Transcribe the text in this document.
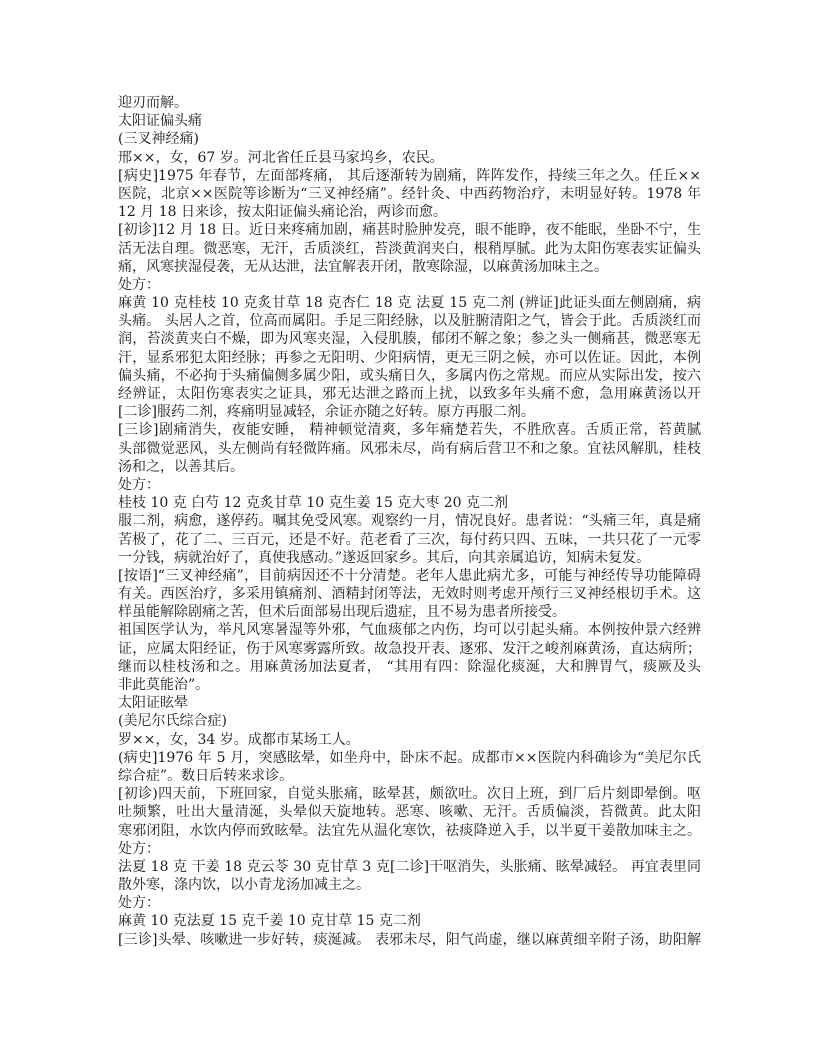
迎刃而解。
太阳证偏头痛
(三叉神经痛)
邢××，女，67 岁。河北省任丘县马家坞乡，农民。
[病史]1975 年春节，左面部疼痛， 其后逐渐转为剧痛，阵阵发作，持续三年之久。任丘××
医院，北京××医院等诊断为“三叉神经痛”。经针灸、中西药物治疗，未明显好转。1978 年
12 月 18 日来诊，按太阳证偏头痛论治，两诊而愈。
[初诊]12 月 18 日。近日来疼痛加剧，痛甚时脸肿发亮，眼不能睁，夜不能眠，坐卧不宁，生
活无法自理。微恶寒，无汗，舌质淡红，苔淡黄润夹白，根稍厚腻。此为太阳伤寒表实证偏头
痛，风寒挟湿侵袭，无从达泄，法宜解表开闭，散寒除湿，以麻黄汤加味主之。
处方：
麻黄 10 克桂枝 10 克炙甘草 18 克杏仁 18 克 法夏 15 克二剂 (辨证]此证头面左侧剧痛，病
头痛。 头居人之首，位高而属阳。手足三阳经脉，以及脏腑清阳之气，皆会于此。舌质淡红而
润，苔淡黄夹白不燥，即为风寒夹湿，入侵肌腠，郁闭不解之象；参之头一侧痛甚，微恶寒无
汗，显系邪犯太阳经脉；再参之无阳明、少阳病情，更无三阴之候，亦可以佐证。因此，本例
偏头痛，不必拘于头痛偏侧多属少阳，或头痛日久，多属内伤之常规。而应从实际出发，按六
经辨证，太阳伤寒表实之证具，邪无达泄之路而上扰，以致多年头痛不愈，急用麻黄汤以开
[二诊]服药二剂，疼痛明显减轻，余证亦随之好转。原方再服二剂。
[三诊]剧痛消失，夜能安睡， 精神顿觉清爽，多年痛楚若失，不胜欣喜。舌质正常，苔黄腻
头部微觉恶风，头左侧尚有轻微阵痛。风邪未尽，尚有病后营卫不和之象。宜祛风解肌，桂枝
汤和之，以善其后。
处方：
桂枝 10 克 白芍 12 克炙甘草 10 克生姜 15 克大枣 20 克二剂
服二剂，病愈，遂停药。嘱其免受风寒。观察约一月，情况良好。患者说：“头痛三年，真是痛
苦极了，花了二、三百元，还是不好。范老看了三次，每付药只四、五味，一共只花了一元零
一分钱，病就治好了，真使我感动。”遂返回家乡。其后，向其亲属追访，知病未复发。
[按语]“三叉神经痛”，目前病因还不十分清楚。老年人患此病尤多，可能与神经传导功能障碍
有关。西医治疗，多采用镇痛剂、酒精封闭等法，无效时则考虑开颅行三叉神经根切手术。这
样虽能解除剧痛之苦，但术后面部易出现后遗症，且不易为患者所接受。
祖国医学认为，举凡风寒暑湿等外邪，气血痰郁之内伤，均可以引起头痛。本例按仲景六经辨
证，应属太阳经证，伤于风寒雾露所致。故急投开表、逐邪、发汗之峻剂麻黄汤，直达病所；
继而以桂枝汤和之。用麻黄汤加法夏者， “其用有四：除湿化痰涎，大和脾胃气，痰厥及头
非此莫能治”。
太阳证眩晕
(美尼尔氏综合症)
罗××，女，34 岁。成都市某场工人。
(病史]1976 年 5 月，突感眩晕，如坐舟中，卧床不起。成都市××医院内科确诊为“美尼尔氏
综合症”。数日后转来求诊。
[初诊)四天前，下班回家，自觉头胀痛，眩晕甚，颇欲吐。次日上班，到厂后片刻即晕倒。呕
吐频繁，吐出大量清涎，头晕似天旋地转。恶寒、咳嗽、无汗。舌质偏淡，苔微黄。此太阳
寒邪闭阻，水饮内停而致眩晕。法宜先从温化寒饮，祛痰降逆入手，以半夏干姜散加味主之。
处方：
法夏 18 克 干姜 18 克云苓 30 克甘草 3 克[二诊]干呕消失，头胀痛、眩晕减轻。 再宜表里同
散外寒，涤内饮，以小青龙汤加减主之。
处方：
麻黄 10 克法夏 15 克千姜 10 克甘草 15 克二剂
[三诊]头晕、咳嗽进一步好转，痰涎减。 表邪未尽，阳气尚虚，继以麻黄细辛附子汤，助阳解
